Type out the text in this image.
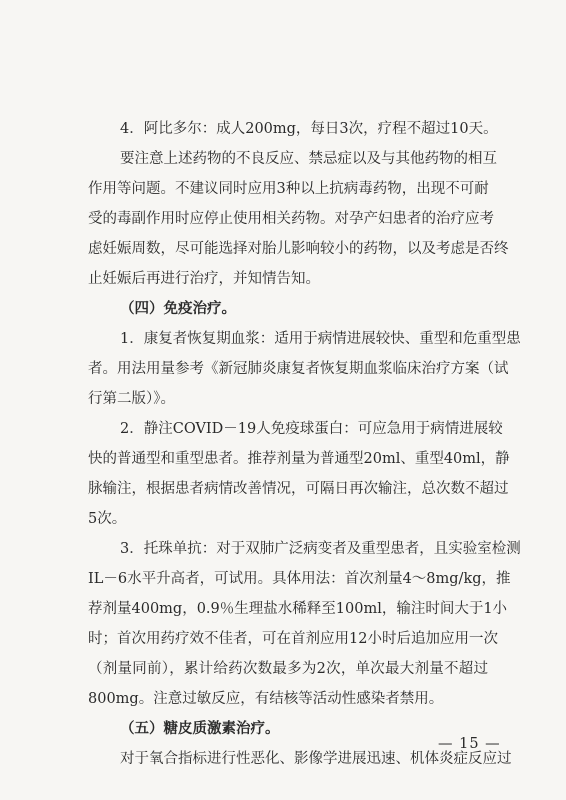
4．阿比多尔：成人200mg，每日3次，疗程不超过10天。
要注意上述药物的不良反应、禁忌症以及与其他药物的相互
作用等问题。不建议同时应用3种以上抗病毒药物，出现不可耐
受的毒副作用时应停止使用相关药物。对孕产妇患者的治疗应考
虑妊娠周数，尽可能选择对胎儿影响较小的药物，以及考虑是否终
止妊娠后再进行治疗，并知情告知。
（四）免疫治疗。
1．康复者恢复期血浆：适用于病情进展较快、重型和危重型患
者。用法用量参考《新冠肺炎康复者恢复期血浆临床治疗方案（试
行第二版）》。
2．静注COVID－19人免疫球蛋白：可应急用于病情进展较
快的普通型和重型患者。推荐剂量为普通型20ml、重型40ml，静
脉输注，根据患者病情改善情况，可隔日再次输注，总次数不超过
5次。
3．托珠单抗：对于双肺广泛病变者及重型患者，且实验室检测
IL－6水平升高者，可试用。具体用法：首次剂量4～8mg/kg，推
荐剂量400mg，0.9％生理盐水稀释至100ml，输注时间大于1小
时；首次用药疗效不佳者，可在首剂应用12小时后追加应用一次
（剂量同前），累计给药次数最多为2次，单次最大剂量不超过
800mg。注意过敏反应，有结核等活动性感染者禁用。
（五）糖皮质激素治疗。
对于氧合指标进行性恶化、影像学进展迅速、机体炎症反应过
— 15 —
